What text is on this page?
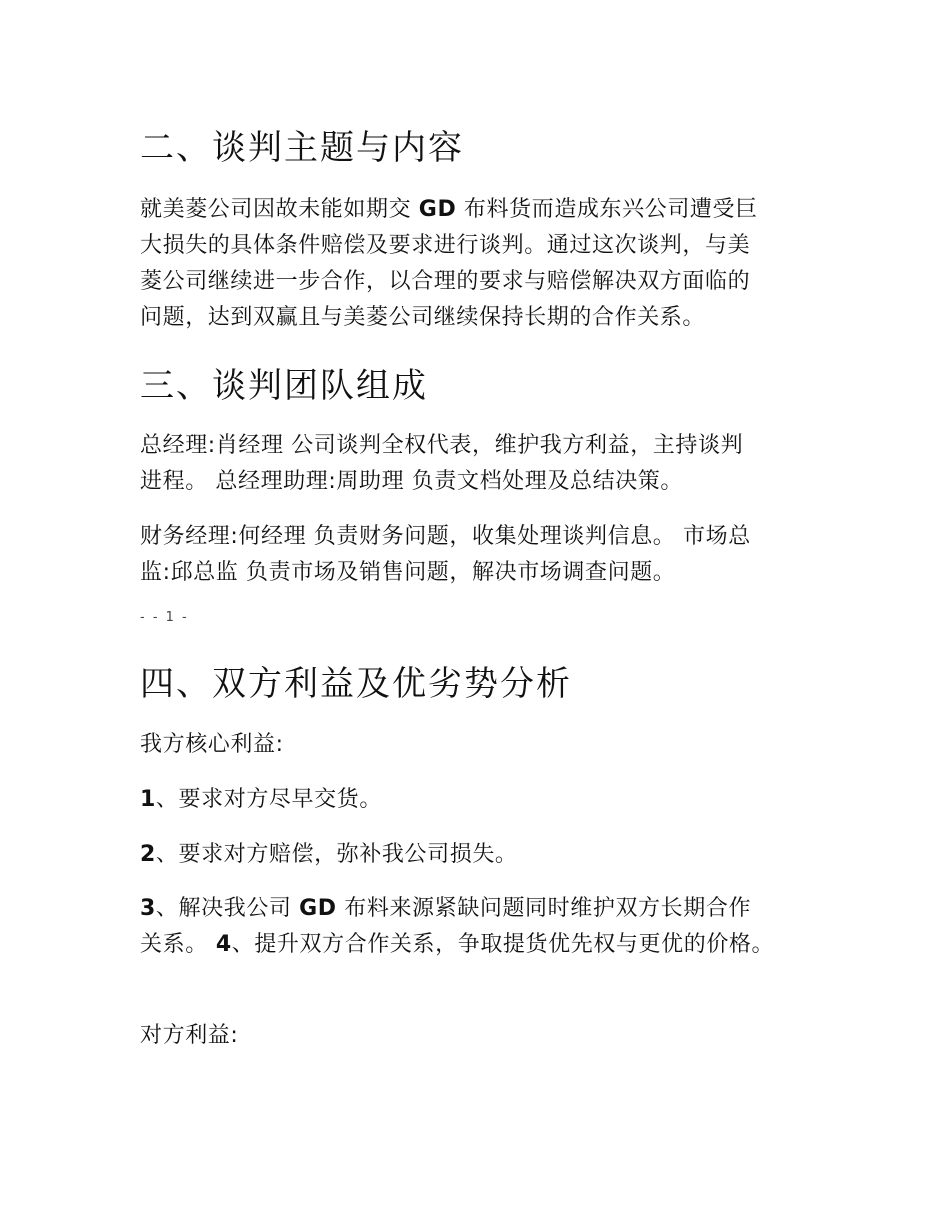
二、谈判主题与内容
就美菱公司因故未能如期交 GD 布料货而造成东兴公司遭受巨
大损失的具体条件赔偿及要求进行谈判。通过这次谈判，与美
菱公司继续进一步合作，以合理的要求与赔偿解决双方面临的
问题，达到双赢且与美菱公司继续保持长期的合作关系。
三、谈判团队组成
总经理:肖经理 公司谈判全权代表，维护我方利益，主持谈判
进程。 总经理助理:周助理 负责文档处理及总结决策。
财务经理:何经理 负责财务问题，收集处理谈判信息。 市场总
监:邱总监 负责市场及销售问题，解决市场调查问题。
- - 1 -
四、双方利益及优劣势分析
我方核心利益:
1、要求对方尽早交货。
2、要求对方赔偿，弥补我公司损失。
3、解决我公司 GD 布料来源紧缺问题同时维护双方长期合作
关系。 4、提升双方合作关系，争取提货优先权与更优的价格。
对方利益:
